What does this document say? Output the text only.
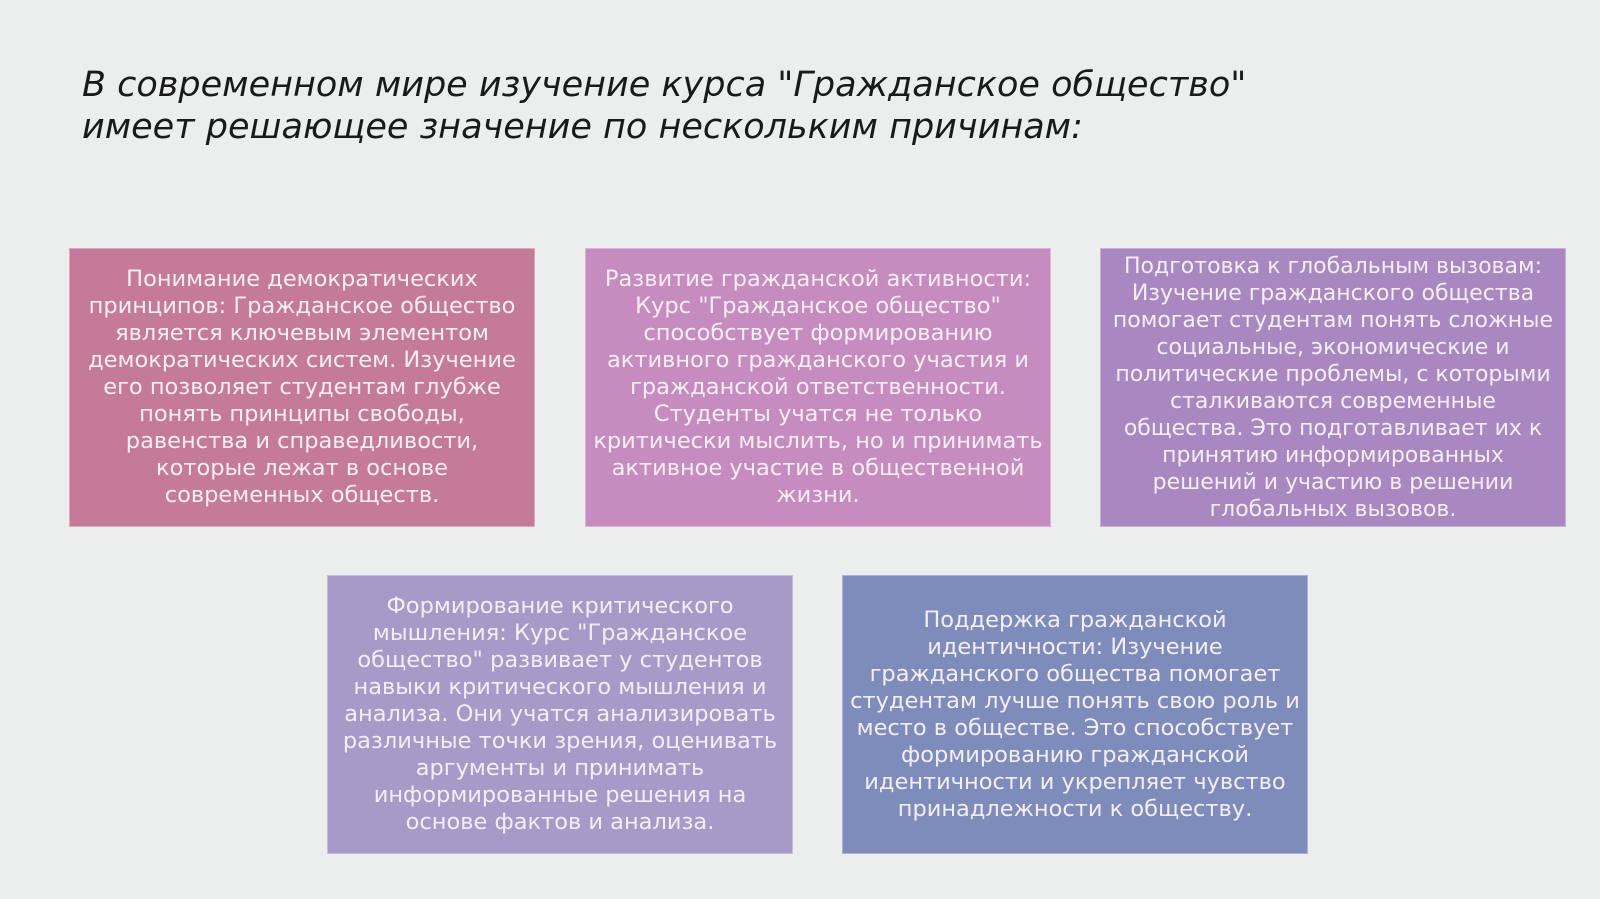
В современном мире изучение курса "Гражданское общество"
имеет решающее значение по нескольким причинам:

Понимание демократических принципов: Гражданское общество является ключевым элементом демократических систем. Изучение его позволяет студентам глубже понять принципы свободы, равенства и справедливости, которые лежат в основе современных обществ.

Развитие гражданской активности: Курс "Гражданское общество" способствует формированию активного гражданского участия и гражданской ответственности. Студенты учатся не только критически мыслить, но и принимать активное участие в общественной жизни.

Подготовка к глобальным вызовам: Изучение гражданского общества помогает студентам понять сложные социальные, экономические и политические проблемы, с которыми сталкиваются современные общества. Это подготавливает их к принятию информированных решений и участию в решении глобальных вызовов.

Формирование критического мышления: Курс "Гражданское общество" развивает у студентов навыки критического мышления и анализа. Они учатся анализировать различные точки зрения, оценивать аргументы и принимать информированные решения на основе фактов и анализа.

Поддержка гражданской идентичности: Изучение гражданского общества помогает студентам лучше понять свою роль и место в обществе. Это способствует формированию гражданской идентичности и укрепляет чувство принадлежности к обществу.
